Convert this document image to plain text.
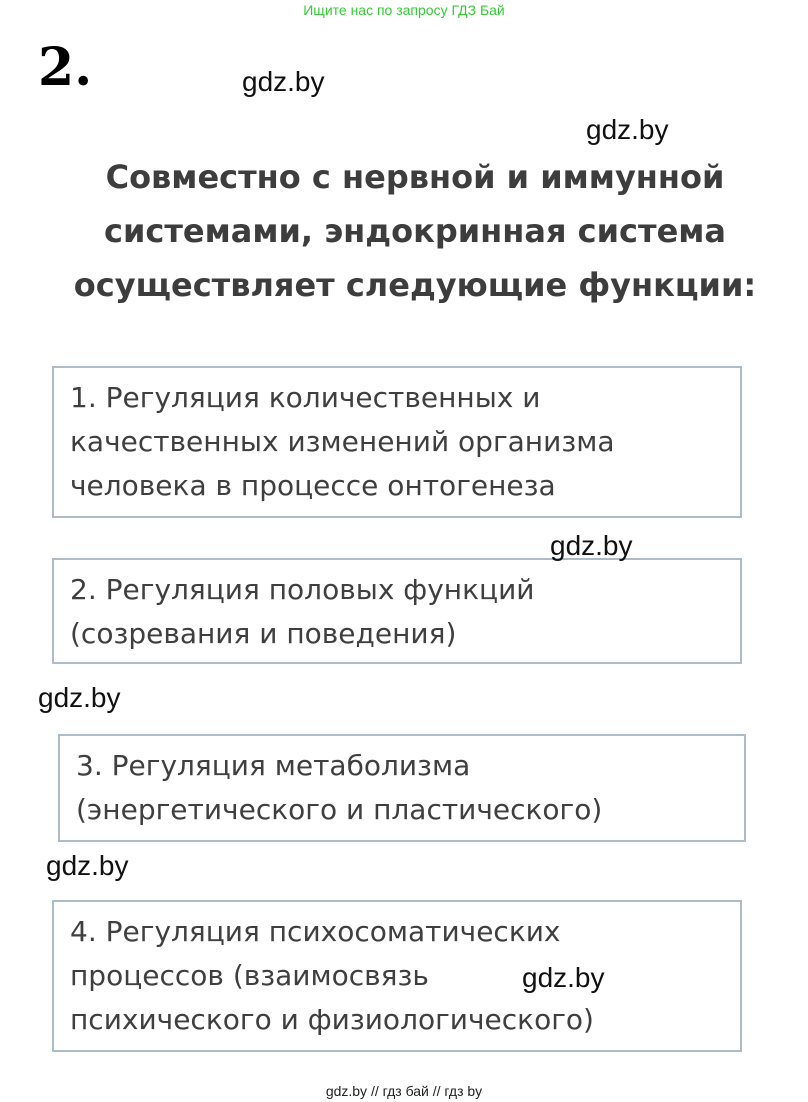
Ищите нас по запросу ГДЗ Бай
2.
Совместно с нервной и иммунной
системами, эндокринная система
осуществляет следующие функции:
1. Регуляция количественных и
качественных изменений организма
человека в процессе онтогенеза
2. Регуляция половых функций
(созревания и поведения)
3. Регуляция метаболизма
(энергетического и пластического)
4. Регуляция психосоматических
процессов (взаимосвязь
психического и физиологического)
gdz.by
gdz.by
gdz.by
gdz.by
gdz.by
gdz.by
gdz.by // гдз бай // гдз by
